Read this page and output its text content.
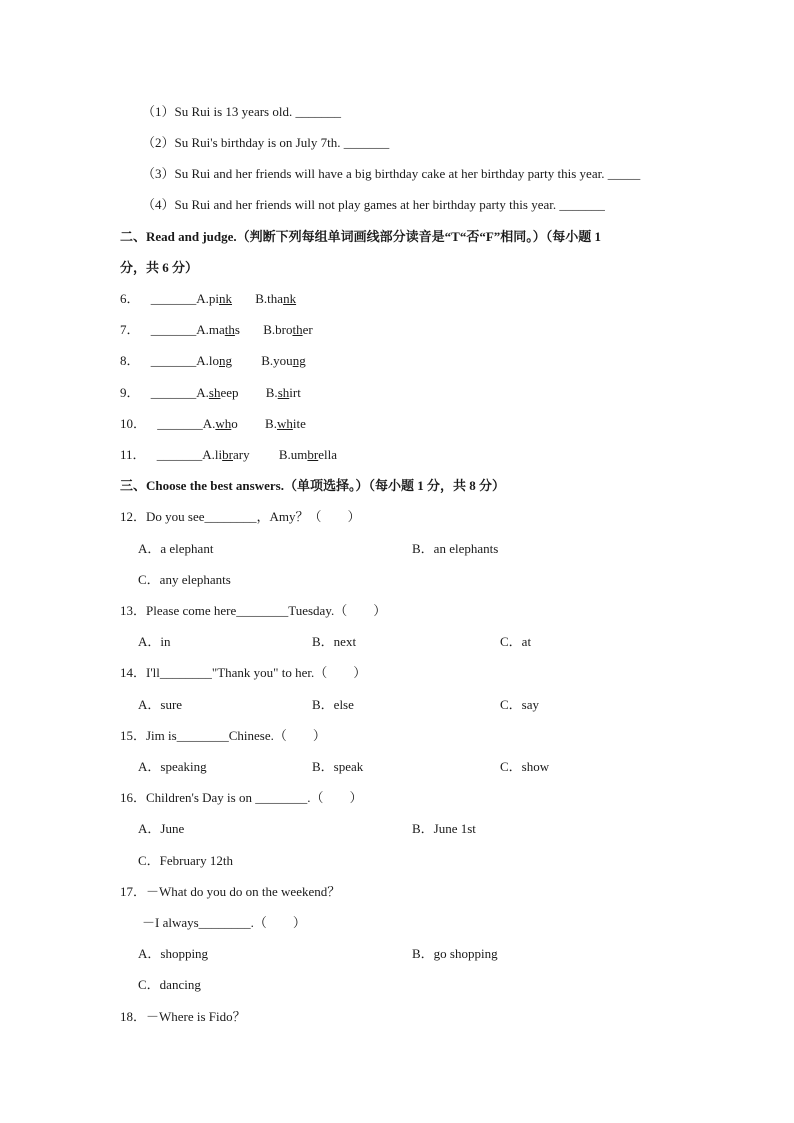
（1）Su Rui is 13 years old. _______
（2）Su Rui's birthday is on July 7th. _______
（3）Su Rui and her friends will have a big birthday cake at her birthday party this year. _____
（4）Su Rui and her friends will not play games at her birthday party this year. _______
二、Read and judge.（判断下列每组单词画线部分读音是“T“否“F”相同。）（每小题 1
分，共 6 分）
6． _______A.pink B.thank
7． _______A.maths B.brother
8． _______A.long B.young
9． _______A.sheep B.shirt
10． _______A.who B.white
11． _______A.library B.umbrella
三、Choose the best answers.（单项选择。）（每小题 1 分，共 8 分）
12．Do you see________，Amy？（　　）
A．a elephant	B．an elephants
C．any elephants
13．Please come here________Tuesday.（　　）
A．in	B．next	C．at
14．I'll________"Thank you" to her.（　　）
A．sure	B．else	C．say
15．Jim is________Chinese.（　　）
A．speaking	B．speak	C．show
16．Children's Day is on ________.（　　）
A．June	B．June 1st
C．February 12th
17．－What do you do on the weekend？
－I always________.（　　）
A．shopping	B．go shopping
C．dancing
18．－Where is Fido？
